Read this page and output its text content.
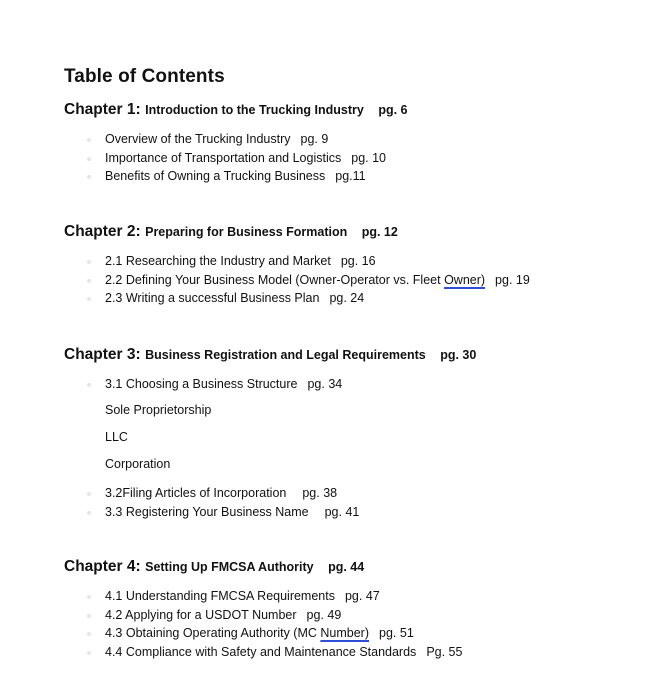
Table of Contents
Chapter 1: Introduction to the Trucking Industry pg. 6
Overview of the Trucking Industry pg. 9
Importance of Transportation and Logistics pg. 10
Benefits of Owning a Trucking Business pg.11
Chapter 2: Preparing for Business Formation pg. 12
2.1 Researching the Industry and Market pg. 16
2.2 Defining Your Business Model (Owner-Operator vs. Fleet Owner) pg. 19
2.3 Writing a successful Business Plan pg. 24
Chapter 3: Business Registration and Legal Requirements pg. 30
3.1 Choosing a Business Structure pg. 34
Sole Proprietorship
LLC
Corporation
3.2Filing Articles of Incorporation pg. 38
3.3 Registering Your Business Name pg. 41
Chapter 4: Setting Up FMCSA Authority pg. 44
4.1 Understanding FMCSA Requirements pg. 47
4.2 Applying for a USDOT Number pg. 49
4.3 Obtaining Operating Authority (MC Number) pg. 51
4.4 Compliance with Safety and Maintenance Standards Pg. 55
